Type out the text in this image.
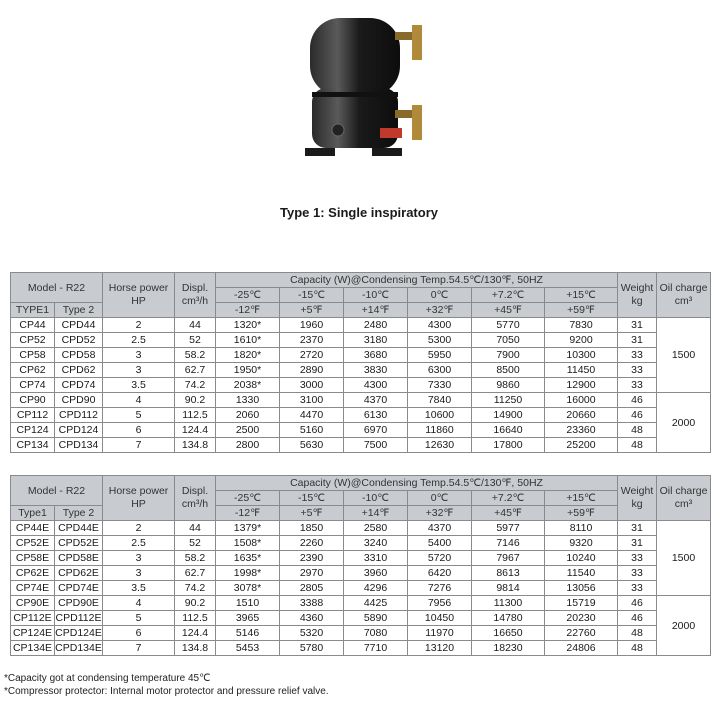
Type 1: Single inspiratory
Model - R22		Horse power HP	Displ. cm³/h	Capacity (W)@Condensing Temp.54.5℃/130℉, 50HZ						Weight kg	Oil charge cm³
				-25℃	-15℃	-10℃	0℃	+7.2℃	+15℃		
TYPE1	Type 2			-12℉	+5℉	+14℉	+32℉	+45℉	+59℉		
CP44	CPD44	2	44	1320*	1960	2480	4300	5770	7830	31	1500
CP52	CPD52	2.5	52	1610*	2370	3180	5300	7050	9200	31	
CP58	CPD58	3	58.2	1820*	2720	3680	5950	7900	10300	33	
CP62	CPD62	3	62.7	1950*	2890	3830	6300	8500	11450	33	
CP74	CPD74	3.5	74.2	2038*	3000	4300	7330	9860	12900	33	
CP90	CPD90	4	90.2	1330	3100	4370	7840	11250	16000	46	2000
CP112	CPD112	5	112.5	2060	4470	6130	10600	14900	20660	46	
CP124	CPD124	6	124.4	2500	5160	6970	11860	16640	23360	48	
CP134	CPD134	7	134.8	2800	5630	7500	12630	17800	25200	48	
Model - R22		Horse power HP	Displ. cm³/h	Capacity (W)@Condensing Temp.54.5℃/130℉, 50HZ						Weight kg	Oil charge cm³
				-25℃	-15℃	-10℃	0℃	+7.2℃	+15℃		
Type1	Type 2			-12℉	+5℉	+14℉	+32℉	+45℉	+59℉		
CP44E	CPD44E	2	44	1379*	1850	2580	4370	5977	8110	31	1500
CP52E	CPD52E	2.5	52	1508*	2260	3240	5400	7146	9320	31	
CP58E	CPD58E	3	58.2	1635*	2390	3310	5720	7967	10240	33	
CP62E	CPD62E	3	62.7	1998*	2970	3960	6420	8613	11540	33	
CP74E	CPD74E	3.5	74.2	3078*	2805	4296	7276	9814	13056	33	
CP90E	CPD90E	4	90.2	1510	3388	4425	7956	11300	15719	46	2000
CP112E	CPD112E	5	112.5	3965	4360	5890	10450	14780	20230	46	
CP124E	CPD124E	6	124.4	5146	5320	7080	11970	16650	22760	48	
CP134E	CPD134E	7	134.8	5453	5780	7710	13120	18230	24806	48	
*Capacity got at condensing temperature 45℃
*Compressor protector: Internal motor protector and pressure relief valve.
